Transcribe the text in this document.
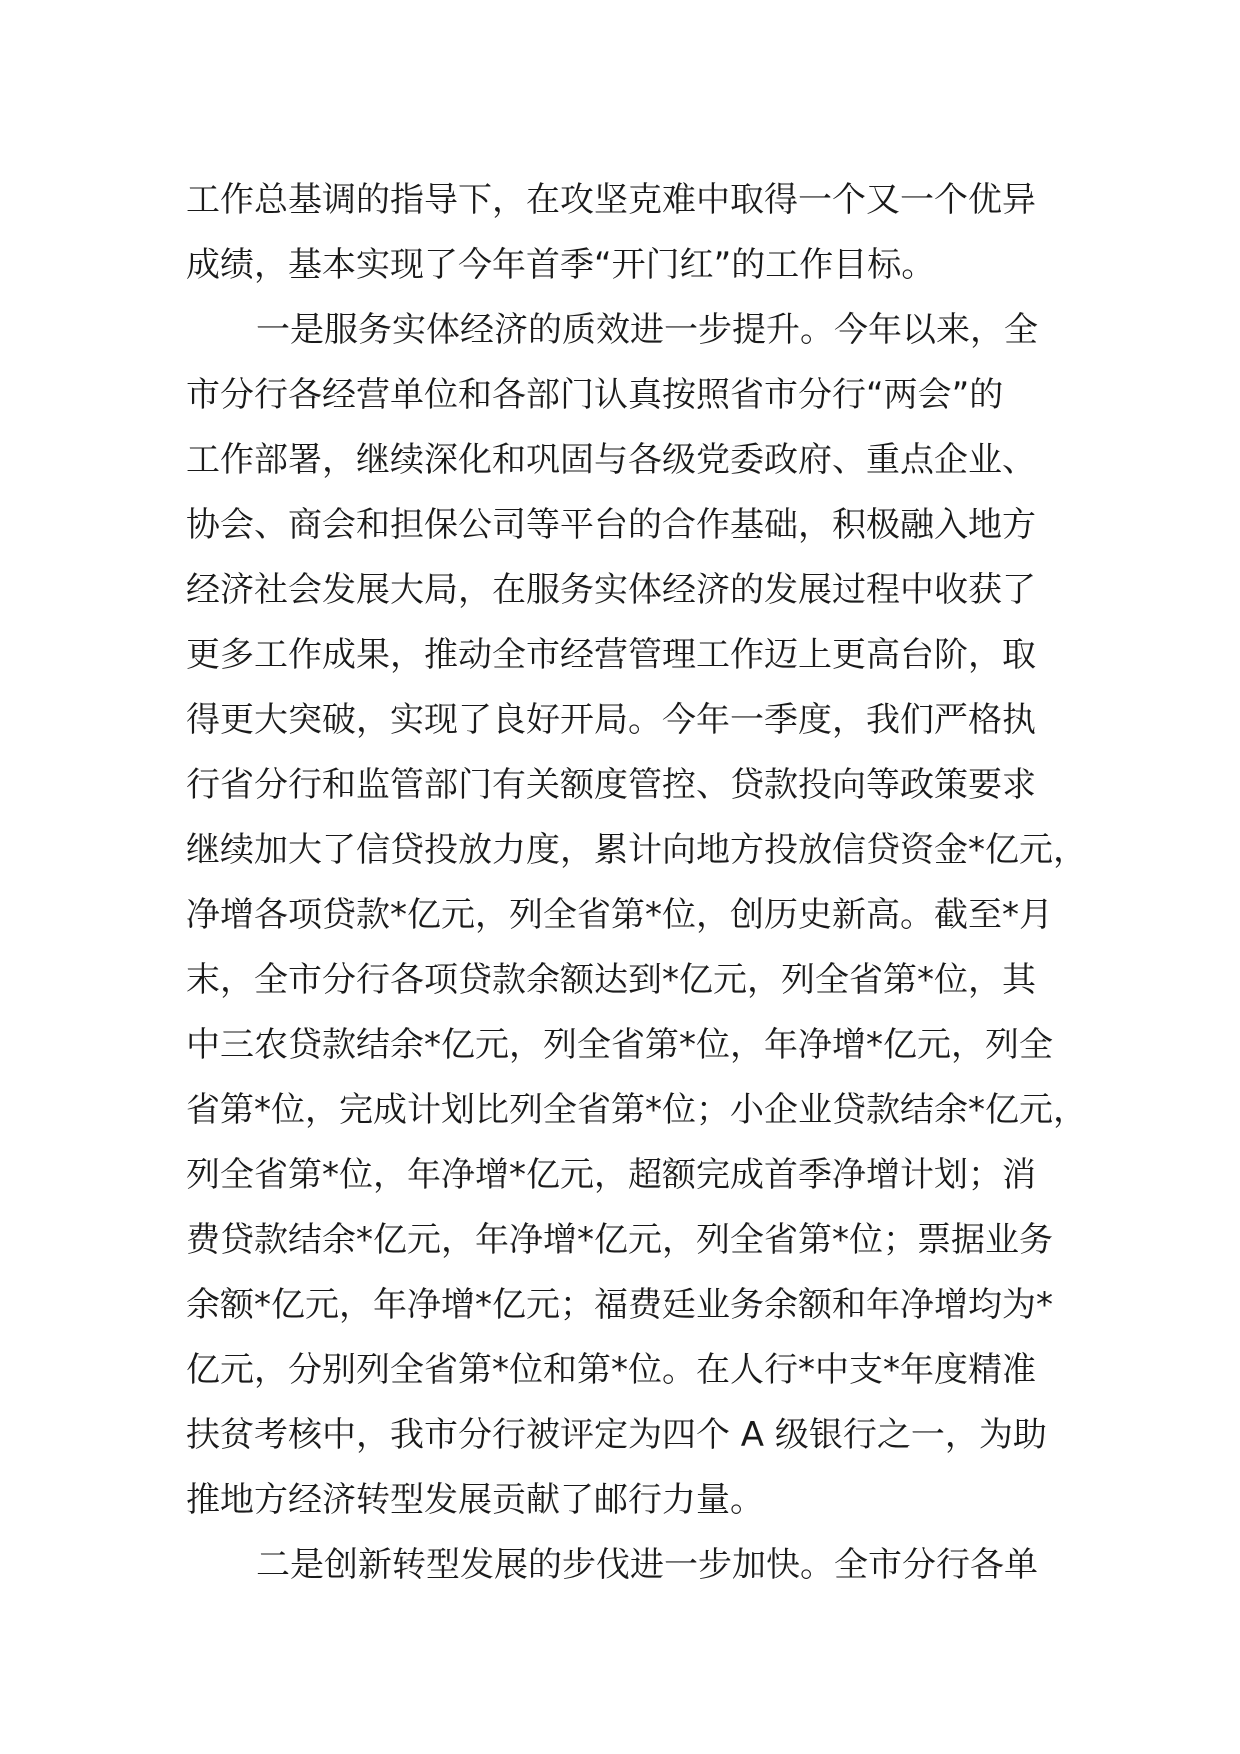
工作总基调的指导下，在攻坚克难中取得一个又一个优异
成绩，基本实现了今年首季“开门红”的工作目标。
一是服务实体经济的质效进一步提升。今年以来，全
市分行各经营单位和各部门认真按照省市分行“两会”的
工作部署，继续深化和巩固与各级党委政府、重点企业、
协会、商会和担保公司等平台的合作基础，积极融入地方
经济社会发展大局，在服务实体经济的发展过程中收获了
更多工作成果，推动全市经营管理工作迈上更高台阶，取
得更大突破，实现了良好开局。今年一季度，我们严格执
行省分行和监管部门有关额度管控、贷款投向等政策要求
继续加大了信贷投放力度，累计向地方投放信贷资金*亿元，
净增各项贷款*亿元，列全省第*位，创历史新高。截至*月
末，全市分行各项贷款余额达到*亿元，列全省第*位，其
中三农贷款结余*亿元，列全省第*位，年净增*亿元，列全
省第*位，完成计划比列全省第*位；小企业贷款结余*亿元，
列全省第*位，年净增*亿元，超额完成首季净增计划；消
费贷款结余*亿元，年净增*亿元，列全省第*位；票据业务
余额*亿元，年净增*亿元；福费廷业务余额和年净增均为*
亿元，分别列全省第*位和第*位。在人行*中支*年度精准
扶贫考核中，我市分行被评定为四个 A 级银行之一，为助
推地方经济转型发展贡献了邮行力量。
二是创新转型发展的步伐进一步加快。全市分行各单
